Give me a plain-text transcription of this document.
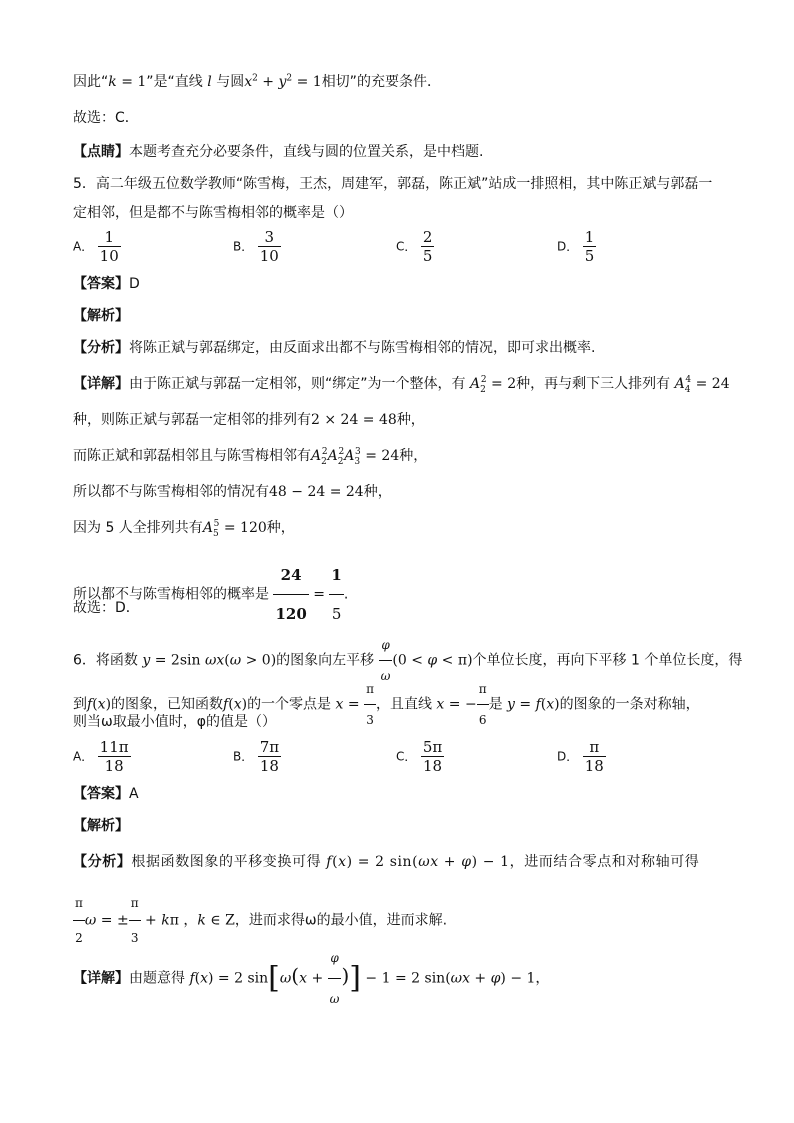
因此“k = 1”是“直线 l 与圆$x^2 + y^2 = 1$相切”的充要条件．
故选：C．
【点睛】本题考查充分必要条件，直线与圆的位置关系，是中档题.
5．高二年级五位数学教师“陈雪梅，王杰，周建军，郭磊，陈正斌”站成一排照相，其中陈正斌与郭磊一
定相邻，但是都不与陈雪梅相邻的概率是（）
A． $\frac{1}{10}$	B． $\frac{3}{10}$	C． $\frac{2}{5}$	D． $\frac{1}{5}$
【答案】D
【解析】
【分析】将陈正斌与郭磊绑定，由反面求出都不与陈雪梅相邻的情况，即可求出概率.
【详解】由于陈正斌与郭磊一定相邻，则“绑定”为一个整体，有 $A_2^2 = 2$种，再与剩下三人排列有 $A_4^4 = 24$
种，则陈正斌与郭磊一定相邻的排列有2 × 24 = 48种，
而陈正斌和郭磊相邻且与陈雪梅相邻有$A_2^2A_2^2A_3^3 = 24$种，
所以都不与陈雪梅相邻的情况有48 − 24 = 24种，
因为 5 人全排列共有$A_5^5 = 120$种，
所以都不与陈雪梅相邻的概率是 $\frac{24}{120} = \frac{1}{5}$ .
故选：D．
6．将函数 y = 2sin ωx(ω > 0)的图象向左平移 $\frac{\varphi}{\omega} (0 < \varphi < \pi)$个单位长度，再向下平移 1 个单位长度，得
到f(x)的图象，已知函数f(x)的一个零点是 $x = \frac{\pi}{3}$ ，且直线 x = − $\frac{\pi}{6}$ 是 y = f(x)的图象的一条对称轴，
则当ω取最小值时，φ的值是（）
A． $\frac{11\pi}{18}$	B． $\frac{7\pi}{18}$	C． $\frac{5\pi}{18}$	D． $\frac{\pi}{18}$
【答案】A
【解析】
【分析】根据函数图象的平移变换可得 f(x) = 2 sin(ωx + φ) − 1，进而结合零点和对称轴可得
$\frac{\pi}{2}$ ω = ± $\frac{\pi}{3} + k\pi$ ，k ∈ Z，进而求得ω的最小值，进而求解.
【详解】由题意得 f(x) = 2 $\sin[\omega(x + \frac{\varphi}{\omega}$ )] − 1 = 2 sin(ωx + φ) − 1，
